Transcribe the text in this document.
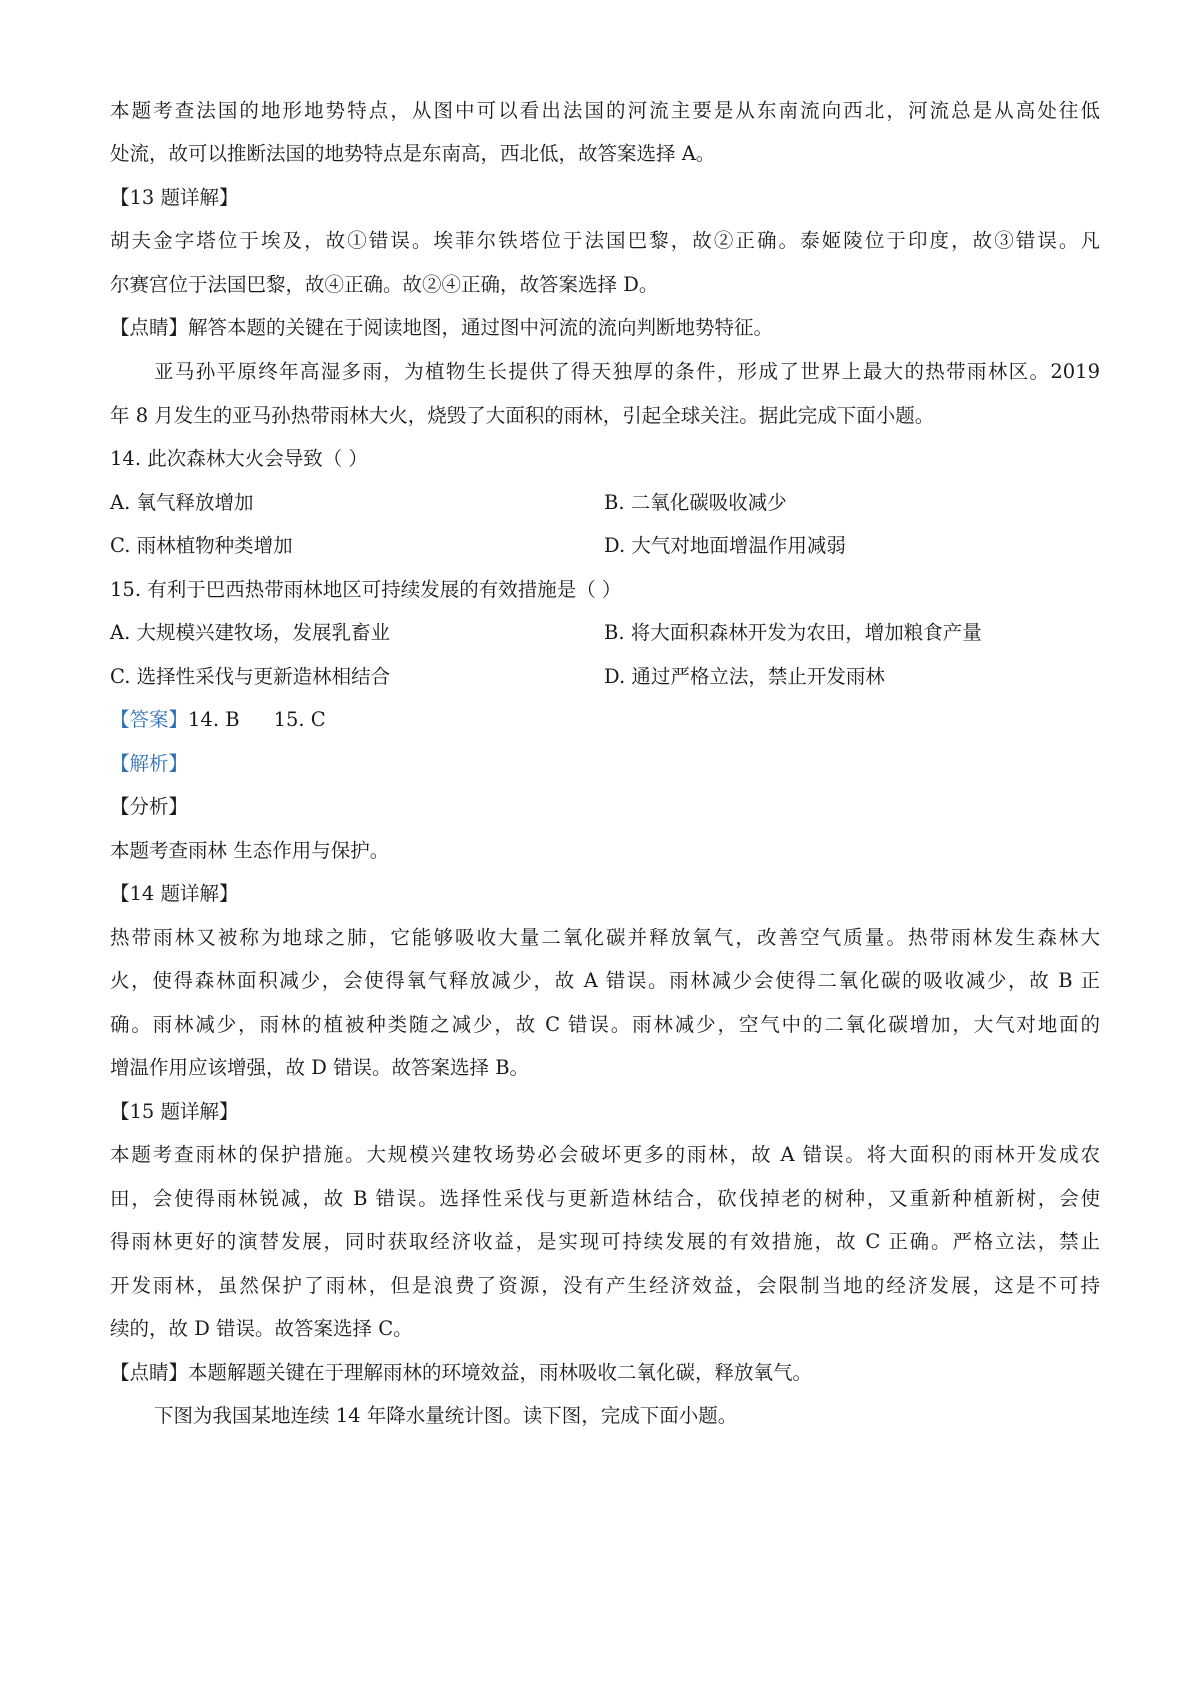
本题考查法国的地形地势特点，从图中可以看出法国的河流主要是从东南流向西北，河流总是从高处往低

处流，故可以推断法国的地势特点是东南高，西北低，故答案选择 A。

【13 题详解】

胡夫金字塔位于埃及，故①错误。埃菲尔铁塔位于法国巴黎，故②正确。泰姬陵位于印度，故③错误。凡

尔赛宫位于法国巴黎，故④正确。故②④正确，故答案选择 D。

【点睛】解答本题的关键在于阅读地图，通过图中河流的流向判断地势特征。

亚马孙平原终年高湿多雨，为植物生长提供了得天独厚的条件，形成了世界上最大的热带雨林区。2019

年 8 月发生的亚马孙热带雨林大火，烧毁了大面积的雨林，引起全球关注。据此完成下面小题。

14. 此次森林大火会导致（ ）

A. 氧气释放增加	B. 二氧化碳吸收减少

C. 雨林植物种类增加	D. 大气对地面增温作用减弱

15. 有利于巴西热带雨林地区可持续发展的有效措施是（ ）

A. 大规模兴建牧场，发展乳畜业	B. 将大面积森林开发为农田，增加粮食产量

C. 选择性采伐与更新造林相结合	D. 通过严格立法，禁止开发雨林

【答案】14. B 15. C

【解析】

【分析】

本题考查雨林 生态作用与保护。

【14 题详解】

热带雨林又被称为地球之肺，它能够吸收大量二氧化碳并释放氧气，改善空气质量。热带雨林发生森林大

火，使得森林面积减少，会使得氧气释放减少，故 A 错误。雨林减少会使得二氧化碳的吸收减少，故 B 正

确。雨林减少，雨林的植被种类随之减少，故 C 错误。雨林减少，空气中的二氧化碳增加，大气对地面的

增温作用应该增强，故 D 错误。故答案选择 B。

【15 题详解】

本题考查雨林的保护措施。大规模兴建牧场势必会破坏更多的雨林，故 A 错误。将大面积的雨林开发成农

田，会使得雨林锐减，故 B 错误。选择性采伐与更新造林结合，砍伐掉老的树种，又重新种植新树，会使

得雨林更好的演替发展，同时获取经济收益，是实现可持续发展的有效措施，故 C 正确。严格立法，禁止

开发雨林，虽然保护了雨林，但是浪费了资源，没有产生经济效益，会限制当地的经济发展，这是不可持

续的，故 D 错误。故答案选择 C。

【点睛】本题解题关键在于理解雨林的环境效益，雨林吸收二氧化碳，释放氧气。

下图为我国某地连续 14 年降水量统计图。读下图，完成下面小题。
